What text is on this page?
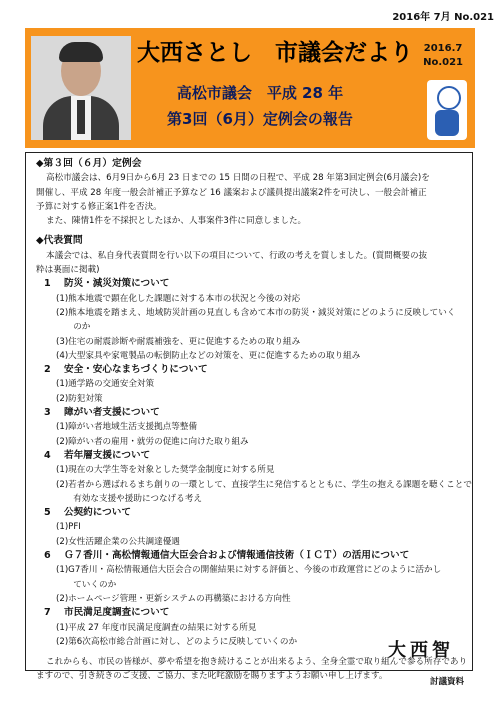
2016年 7月 No.021
大西さとし　市議会だより	2016.7
No.021
高松市議会　平成 28 年
第3回（6月）定例会の報告
◆第３回（６月）定例会
高松市議会は、6月9日から6月 23 日までの 15 日間の日程で、平成 28 年第3回定例会(6月議会)を
開催し、平成 28 年度一般会計補正予算など 16 議案および議員提出議案2件を可決し、一般会計補正
予算に対する修正案1件を否決。
また、陳情1件を不採択としたほか、人事案件3件に同意しました。
◆代表質問
本議会では、私自身代表質問を行い以下の項目について、行政の考えを質しました。(質問概要の抜
粋は裏面に掲載)
1 防災・減災対策について
(1)熊本地震で顕在化した課題に対する本市の状況と今後の対応
(2)熊本地震を踏まえ、地域防災計画の見直しも含めて本市の防災・減災対策にどのように反映していく
　　のか
(3)住宅の耐震診断や耐震補強を、更に促進するための取り組み
(4)大型家具や家電製品の転倒防止などの対策を、更に促進するための取り組み
2 安全・安心なまちづくりについて
(1)通学路の交通安全対策
(2)防犯対策
3 障がい者支援について
(1)障がい者地域生活支援拠点等整備
(2)障がい者の雇用・就労の促進に向けた取り組み
4 若年層支援について
(1)現在の大学生等を対象とした奨学金制度に対する所見
(2)若者から選ばれるまち創りの一環として、直接学生に発信するとともに、学生の抱える課題を聴くことで
　　有効な支援や援助につなげる考え
5 公契約について
(1)PFI
(2)女性活躍企業の公共調達優遇
6 Ｇ７香川・高松情報通信大臣会合および情報通信技術（ＩＣＴ）の活用について
(1)G7香川・高松情報通信大臣会合の開催結果に対する評価と、今後の市政運営にどのように活かし
　　ていくのか
(2)ホームページ管理・更新システムの再構築における方向性
7 市民満足度調査について
(1)平成 27 年度市民満足度調査の結果に対する所見
(2)第6次高松市総合計画に対し、どのように反映していくのか
これからも、市民の皆様が、夢や希望を抱き続けることが出来るよう、全身全霊で取り組んで参る所存であり
ますので、引き続きのご支援、ご協力、また叱咤激励を賜りますようお願い申し上げます。
大西智
討議資料
